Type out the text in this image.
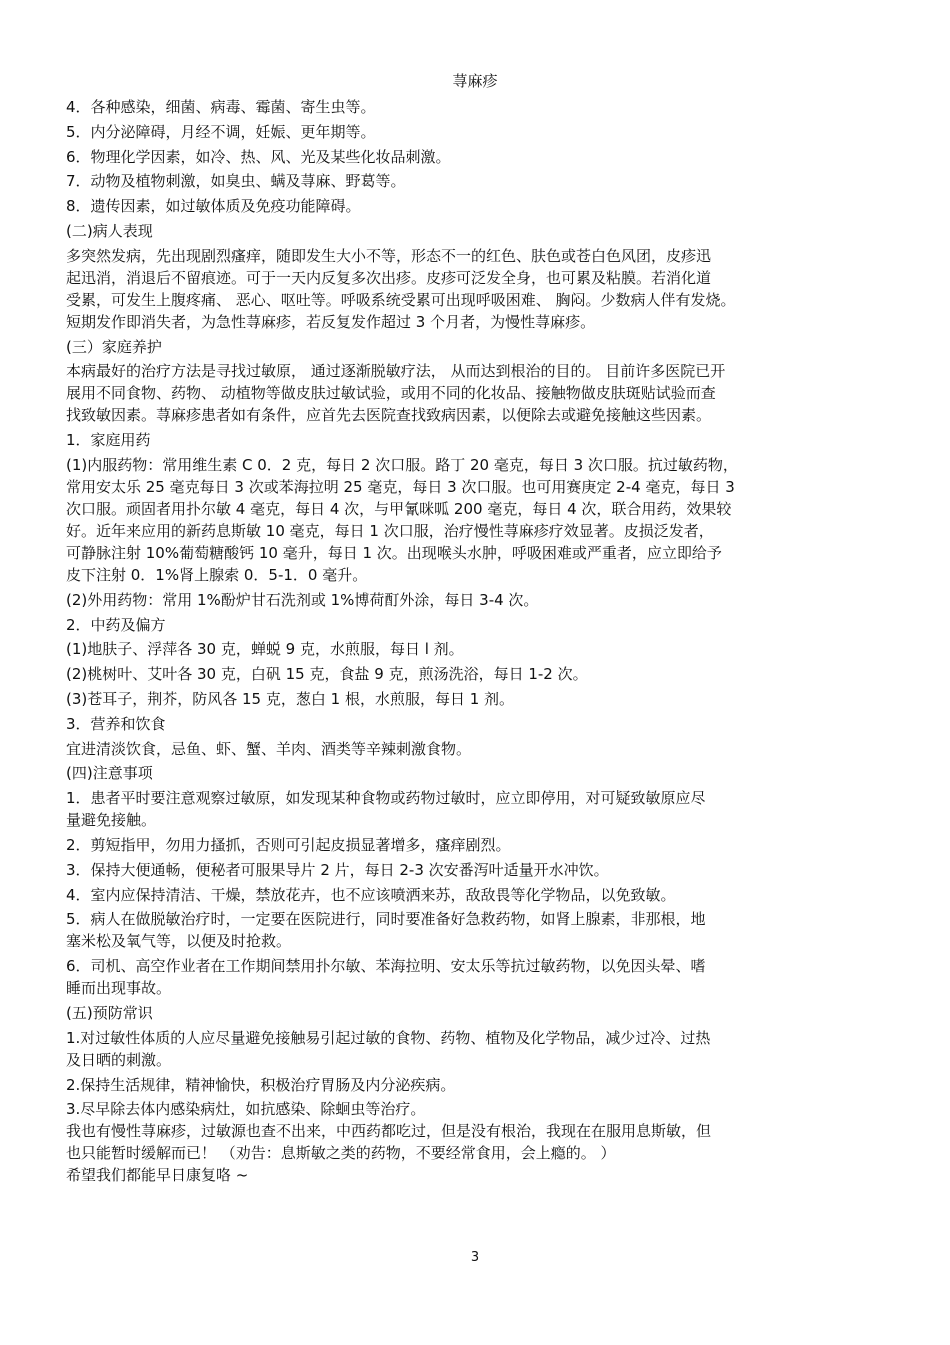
荨麻疹
4．各种感染，细菌、病毒、霉菌、寄生虫等。
5．内分泌障碍，月经不调，妊娠、更年期等。
6．物理化学因素，如冷、热、风、光及某些化妆品刺激。
7．动物及植物刺激，如臭虫、螨及荨麻、野葛等。
8．遗传因素，如过敏体质及免疫功能障碍。
(二)病人表现
多突然发病，先出现剧烈瘙痒，随即发生大小不等，形态不一的红色、肤色或苍白色风团，皮疹迅
起迅消，消退后不留痕迹。可于一天内反复多次出疹。皮疹可泛发全身，也可累及粘膜。若消化道
受累，可发生上腹疼痛、 恶心、呕吐等。呼吸系统受累可出现呼吸困难、 胸闷。少数病人伴有发烧。
短期发作即消失者，为急性荨麻疹，若反复发作超过 3 个月者，为慢性荨麻疹。
(三）家庭养护
本病最好的治疗方法是寻找过敏原， 通过逐渐脱敏疗法， 从而达到根治的目的。 目前许多医院已开
展用不同食物、药物、 动植物等做皮肤过敏试验，或用不同的化妆品、接触物做皮肤斑贴试验而查
找致敏因素。荨麻疹患者如有条件，应首先去医院查找致病因素，以便除去或避免接触这些因素。
1．家庭用药
(1)内服药物：常用维生素 C 0．2 克，每日 2 次口服。路丁 20 毫克，每日 3 次口服。抗过敏药物，
常用安太乐 25 毫克每日 3 次或苯海拉明 25 毫克，每日 3 次口服。也可用赛庚定 2-4 毫克，每日 3
次口服。顽固者用扑尔敏 4 毫克，每日 4 次，与甲氰咪呱 200 毫克，每日 4 次，联合用药，效果较
好。近年来应用的新药息斯敏 10 毫克，每日 1 次口服，治疗慢性荨麻疹疗效显著。皮损泛发者，
可静脉注射 10%葡萄糖酸钙 10 毫升，每日 1 次。出现喉头水肿，呼吸困难或严重者，应立即给予
皮下注射 0．1%肾上腺索 0．5-1．0 毫升。
(2)外用药物：常用 1%酚炉甘石洗剂或 1%博荷酊外涂，每日 3-4 次。
2．中药及偏方
(1)地肤子、浮萍各 30 克，蝉蜕 9 克，水煎服，每日 l 剂。
(2)桃树叶、艾叶各 30 克，白矾 15 克，食盐 9 克，煎汤洗浴，每日 1-2 次。
(3)苍耳子，荆芥，防风各 15 克，葱白 1 根，水煎服，每日 1 剂。
3．营养和饮食
宜进清淡饮食，忌鱼、虾、蟹、羊肉、酒类等辛辣刺激食物。
(四)注意事项
1．患者平时要注意观察过敏原，如发现某种食物或药物过敏时，应立即停用，对可疑致敏原应尽
量避免接触。
2．剪短指甲，勿用力搔抓，否则可引起皮损显著增多，瘙痒剧烈。
3．保持大便通畅，便秘者可服果导片 2 片，每日 2-3 次安番泻叶适量开水冲饮。
4．室内应保持清洁、干燥，禁放花卉，也不应该喷洒来苏，敌敌畏等化学物品，以免致敏。
5．病人在做脱敏治疗时，一定要在医院进行，同时要准备好急救药物，如肾上腺素，非那根，地
塞米松及氧气等，以便及时抢救。
6．司机、高空作业者在工作期间禁用扑尔敏、苯海拉明、安太乐等抗过敏药物，以免因头晕、嗜
睡而出现事故。
(五)预防常识
1.对过敏性体质的人应尽量避免接触易引起过敏的食物、药物、植物及化学物品，减少过冷、过热
及日晒的刺激。
2.保持生活规律，精神愉快，积极治疗胃肠及内分泌疾病。
3.尽早除去体内感染病灶，如抗感染、除蛔虫等治疗。
我也有慢性荨麻疹，过敏源也查不出来，中西药都吃过，但是没有根治，我现在在服用息斯敏，但
也只能暂时缓解而已！ （劝告：息斯敏之类的药物，不要经常食用，会上瘾的。 ）
希望我们都能早日康复咯 ~
3
